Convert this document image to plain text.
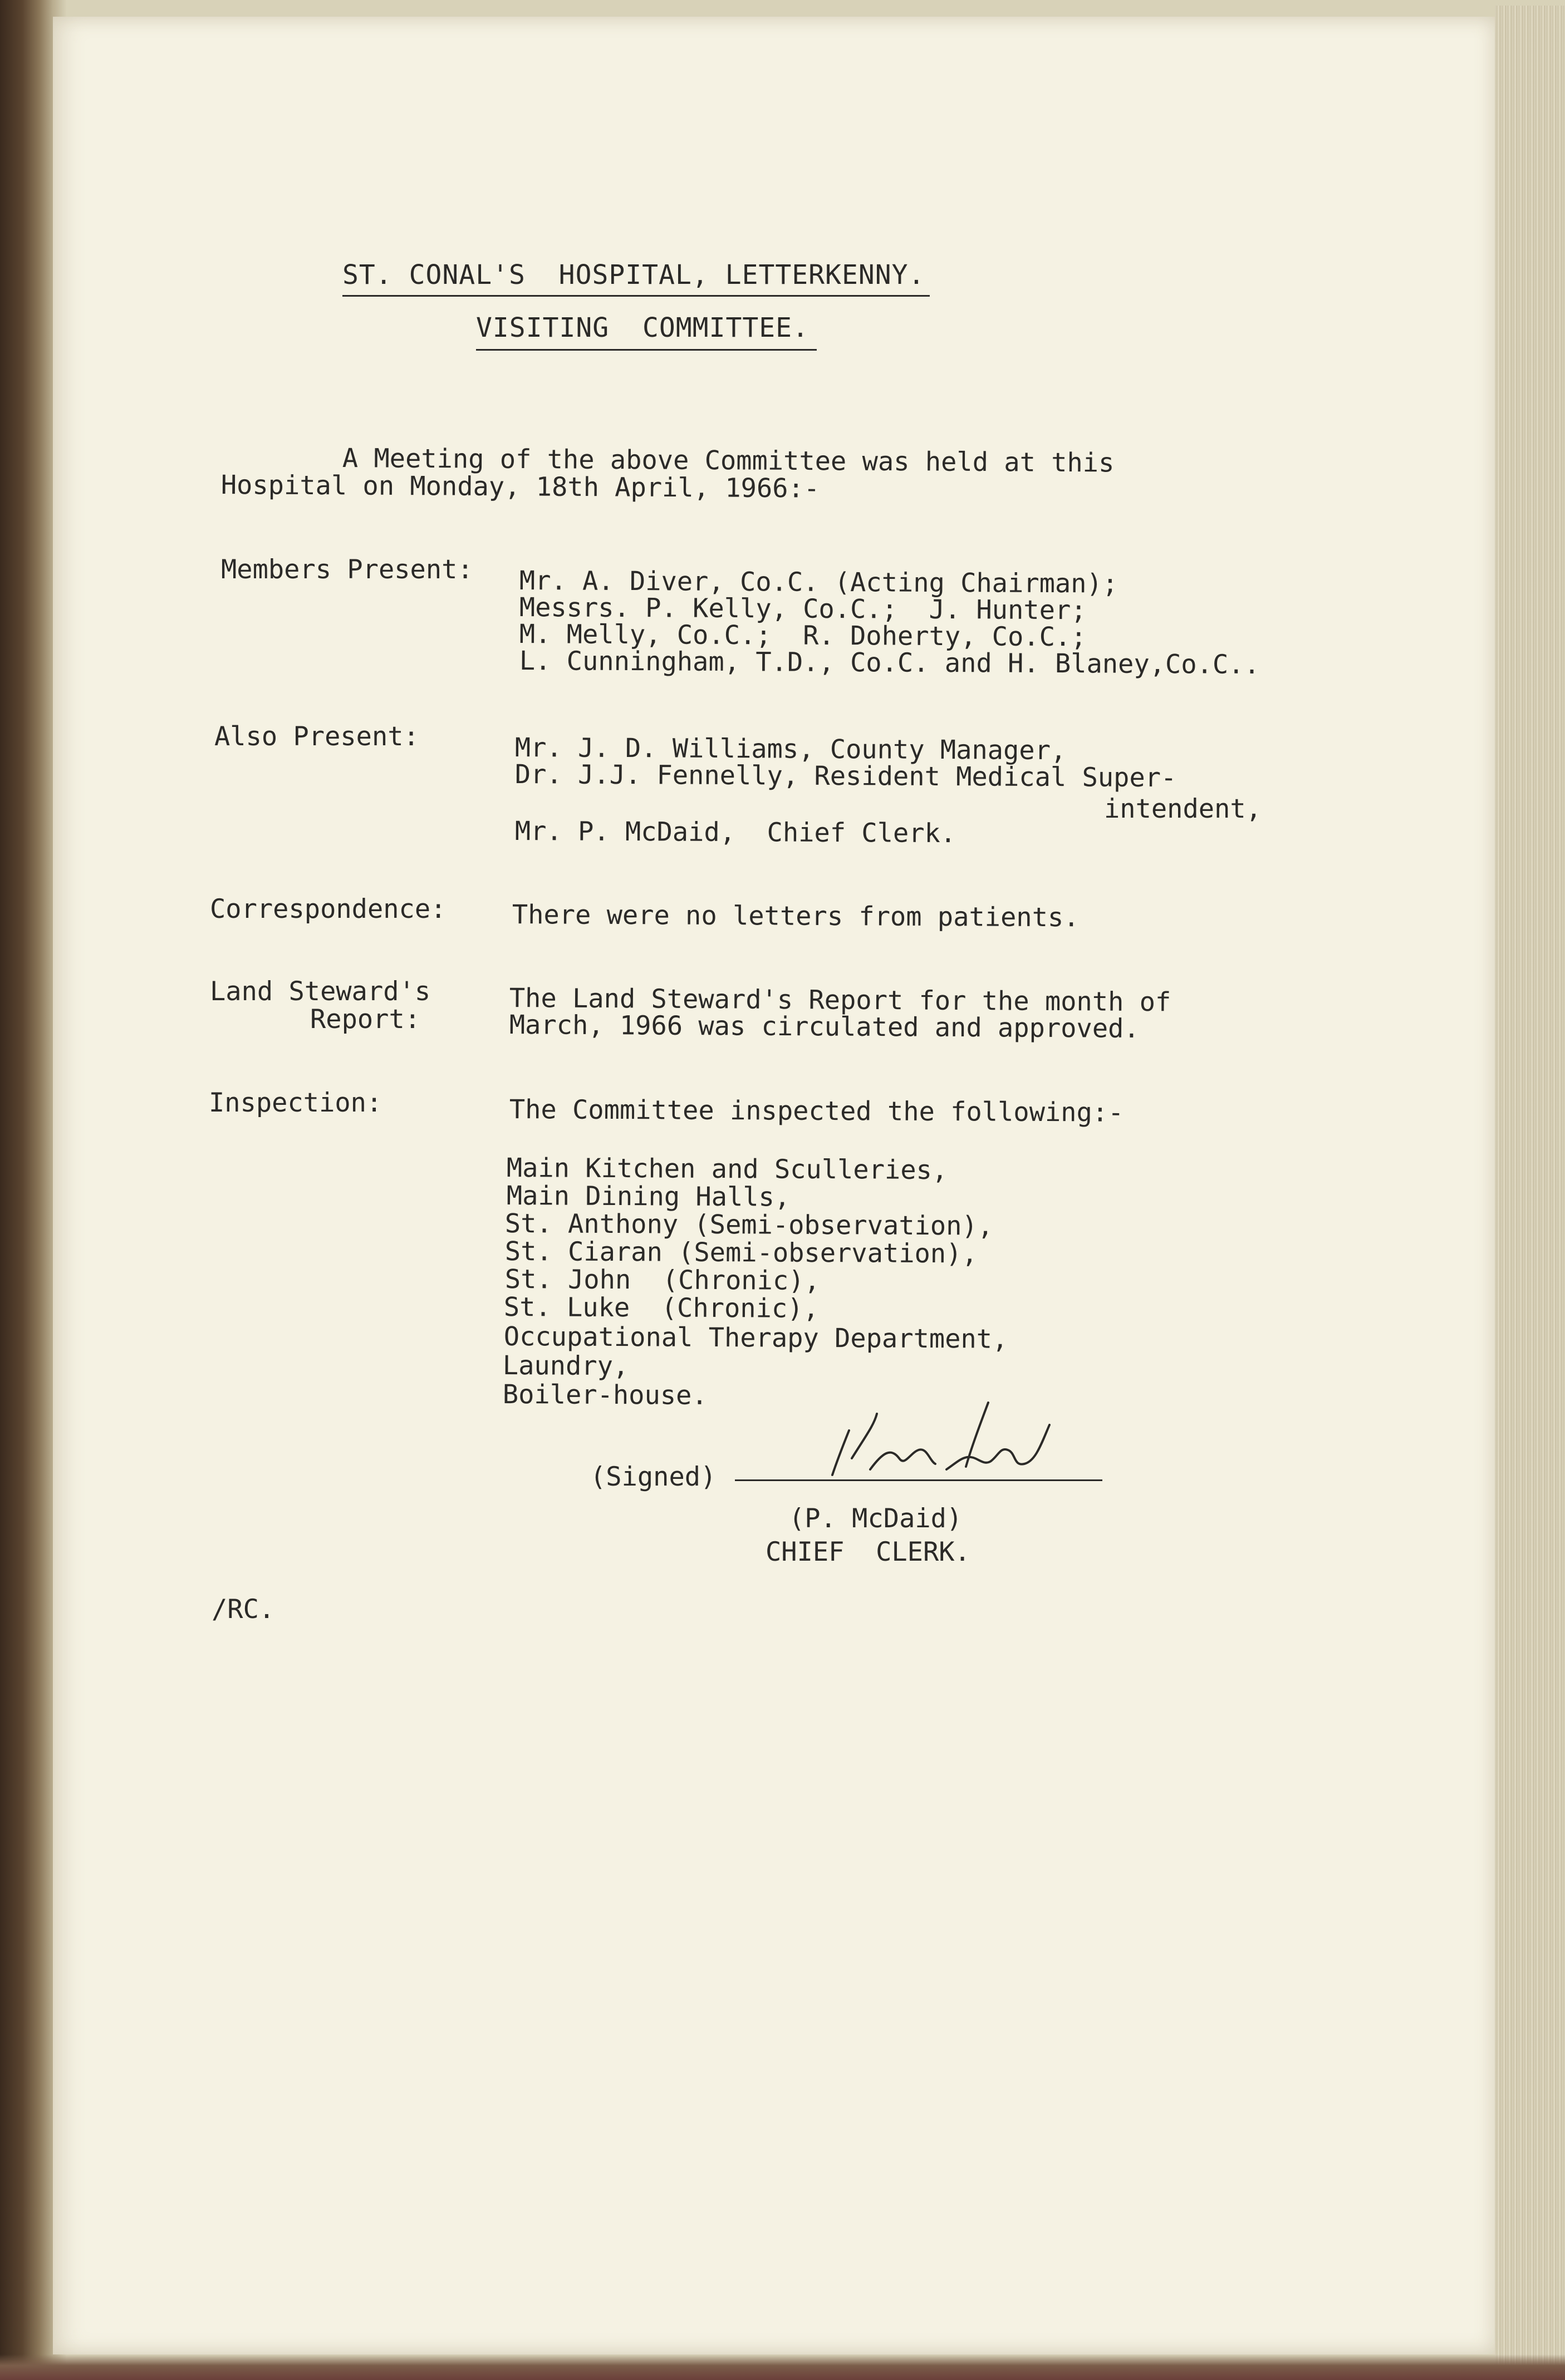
ST. CONAL'S  HOSPITAL, LETTERKENNY.
VISITING  COMMITTEE.
A Meeting of the above Committee was held at this
Hospital on Monday, 18th April, 1966:-
Members Present: Mr. A. Diver, Co.C. (Acting Chairman);
Messrs. P. Kelly, Co.C.;  J. Hunter;
M. Melly, Co.C.;  R. Doherty, Co.C.;
L. Cunningham, T.D., Co.C. and H. Blaney,Co.C..
Also Present:	Mr. J. D. Williams, County Manager,
Dr. J.J. Fennelly, Resident Medical Super-
intendent,
Mr. P. McDaid,  Chief Clerk.
Correspondence:	There were no letters from patients.
Land Steward's
Report:
The Land Steward's Report for the month of
March, 1966 was circulated and approved.
Inspection:	The Committee inspected the following:-
Main Kitchen and Sculleries,
Main Dining Halls,
St. Anthony (Semi-observation),
St. Ciaran (Semi-observation),
St. John  (Chronic),
St. Luke  (Chronic),
Occupational Therapy Department,
Laundry,
Boiler-house.
(Signed)
(P. McDaid)
CHIEF  CLERK.
/RC.
